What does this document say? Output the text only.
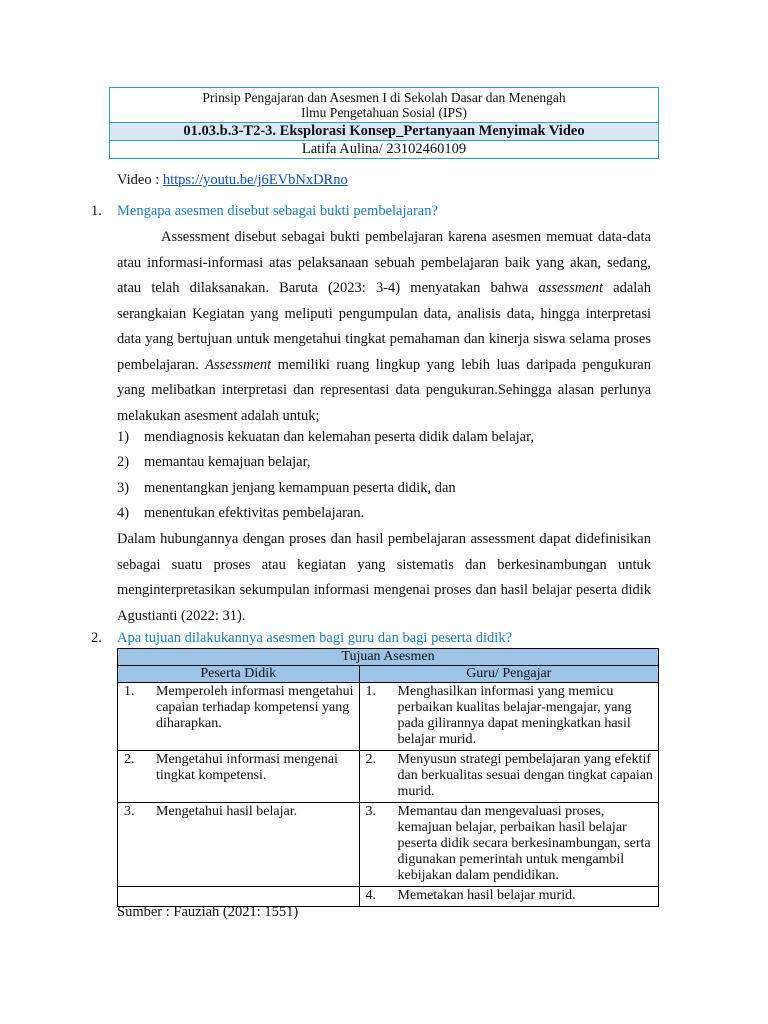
Prinsip Pengajaran dan Asesmen I di Sekolah Dasar dan Menengah
Ilmu Pengetahuan Sosial (IPS)

01.03.b.3-T2-3. Eksplorasi Konsep_Pertanyaan Menyimak Video
Latifa Aulina/ 23102460109
Video : https://youtu.be/j6EVbNxDRno
1. Mengapa asesmen disebut sebagai bukti pembelajaran?
Assessment disebut sebagai bukti pembelajaran karena asesmen memuat data-data atau informasi-informasi atas pelaksanaan sebuah pembelajaran baik yang akan, sedang, atau telah dilaksanakan. Baruta (2023: 3-4) menyatakan bahwa assessment adalah serangkaian Kegiatan yang meliputi pengumpulan data, analisis data, hingga interpretasi data yang bertujuan untuk mengetahui tingkat pemahaman dan kinerja siswa selama proses pembelajaran. Assessment memiliki ruang lingkup yang lebih luas daripada pengukuran yang melibatkan interpretasi dan representasi data pengukuran.Sehingga alasan perlunya melakukan asesment adalah untuk;
1) mendiagnosis kekuatan dan kelemahan peserta didik dalam belajar,
2) memantau kemajuan belajar,
3) menentangkan jenjang kemampuan peserta didik, dan
4) menentukan efektivitas pembelajaran.
Dalam hubungannya dengan proses dan hasil pembelajaran assessment dapat didefinisikan sebagai suatu proses atau kegiatan yang sistematis dan berkesinambungan untuk menginterpretasikan sekumpulan informasi mengenai proses dan hasil belajar peserta didik Agustianti (2022: 31).
2. Apa tujuan dilakukannya asesmen bagi guru dan bagi peserta didik?
Tujuan Asesmen	
Peserta Didik	Guru/ Pengajar

1. Memperoleh informasi mengetahui capaian terhadap kompetensi yang diharapkan.	1. Menghasilkan informasi yang memicu perbaikan kualitas belajar-mengajar, yang pada gilirannya dapat meningkatkan hasil belajar murid.

2. Mengetahui informasi mengenai tingkat kompetensi.	2. Menyusun strategi pembelajaran yang efektif dan berkualitas sesuai dengan tingkat capaian murid.

3. Mengetahui hasil belajar.	3. Memantau dan mengevaluasi proses, kemajuan belajar, perbaikan hasil belajar peserta didik secara berkesinambungan, serta digunakan pemerintah untuk mengambil kebijakan dalam pendidikan.

	4. Memetakan hasil belajar murid.
Sumber : Fauziah (2021: 1551)
